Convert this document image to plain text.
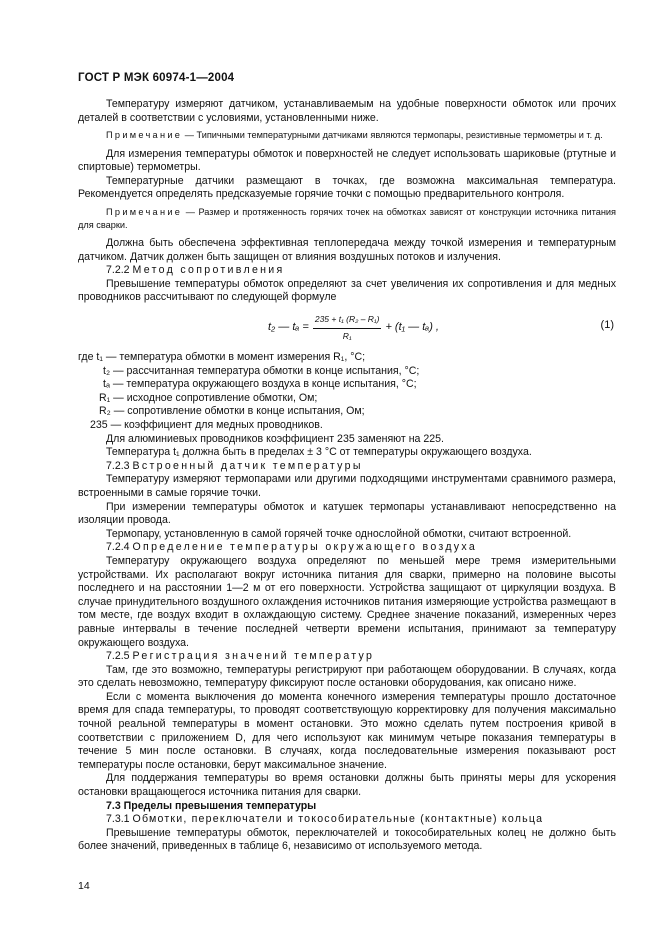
ГОСТ Р МЭК 60974-1—2004

Температуру измеряют датчиком, устанавливаемым на удобные поверхности обмоток или прочих деталей в соответствии с условиями, установленными ниже.

Примечание — Типичными температурными датчиками являются термопары, резистивные термометры и т. д.

Для измерения температуры обмоток и поверхностей не следует использовать шариковые (ртутные и спиртовые) термометры.

Температурные датчики размещают в точках, где возможна максимальная температура. Рекомендуется определять предсказуемые горячие точки с помощью предварительного контроля.

Примечание — Размер и протяженность горячих точек на обмотках зависят от конструкции источника питания для сварки.

Должна быть обеспечена эффективная теплопередача между точкой измерения и температурным датчиком. Датчик должен быть защищен от влияния воздушных потоков и излучения.

7.2.2 Метод сопротивления

Превышение температуры обмоток определяют за счет увеличения их сопротивления и для медных проводников рассчитывают по следующей формуле

t₂ — $t_a = \frac{\text{235 + t₁ (R₂ – R₁)}}{\text{R₁}} + (t_1$ — tₐ) ,	(1)

где t₁ — температура обмотки в момент измерения R₁, °C;

t₂ — рассчитанная температура обмотки в конце испытания, °C;

tₐ — температура окружающего воздуха в конце испытания, °C;

R₁ — исходное сопротивление обмотки, Ом;

R₂ — сопротивление обмотки в конце испытания, Ом;

235 — коэффициент для медных проводников.

Для алюминиевых проводников коэффициент 235 заменяют на 225.

Температура t₁ должна быть в пределах ± 3 °C от температуры окружающего воздуха.

7.2.3 Встроенный датчик температуры

Температуру измеряют термопарами или другими подходящими инструментами сравнимого размера, встроенными в самые горячие точки.

При измерении температуры обмоток и катушек термопары устанавливают непосредственно на изоляции провода.

Термопару, установленную в самой горячей точке однослойной обмотки, считают встроенной.

7.2.4 Определение температуры окружающего воздуха

Температуру окружающего воздуха определяют по меньшей мере тремя измерительными устройствами. Их располагают вокруг источника питания для сварки, примерно на половине высоты последнего и на расстоянии 1—2 м от его поверхности. Устройства защищают от циркуляции воздуха. В случае принудительного воздушного охлаждения источников питания измеряющие устройства размещают в том месте, где воздух входит в охлаждающую систему. Среднее значение показаний, измеренных через равные интервалы в течение последней четверти времени испытания, принимают за температуру окружающего воздуха.

7.2.5 Регистрация значений температур

Там, где это возможно, температуры регистрируют при работающем оборудовании. В случаях, когда это сделать невозможно, температуру фиксируют после остановки оборудования, как описано ниже.

Если с момента выключения до момента конечного измерения температуры прошло достаточное время для спада температуры, то проводят соответствующую корректировку для получения максимально точной реальной температуры в момент остановки. Это можно сделать путем построения кривой в соответствии с приложением D, для чего используют как минимум четыре показания температуры в течение 5 мин после остановки. В случаях, когда последовательные измерения показывают рост температуры после остановки, берут максимальное значение.

Для поддержания температуры во время остановки должны быть приняты меры для ускорения остановки вращающегося источника питания для сварки.

7.3 Пределы превышения температуры

7.3.1 Обмотки, переключатели и токособирательные (контактные) кольца

Превышение температуры обмоток, переключателей и токособирательных колец не должно быть более значений, приведенных в таблице 6, независимо от используемого метода.

14
